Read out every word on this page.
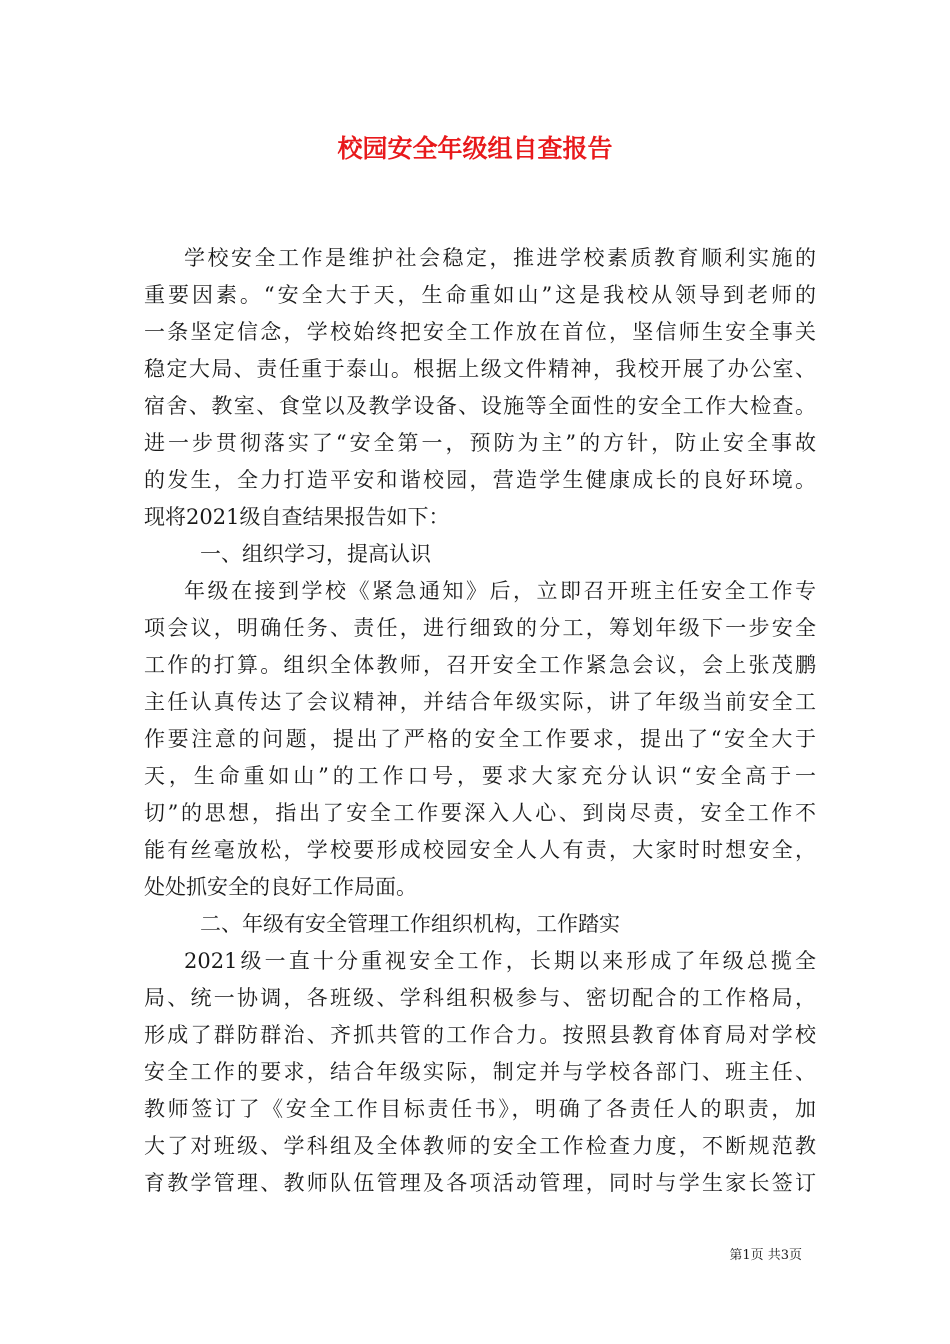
校园安全年级组自查报告
学校安全工作是维护社会稳定，推进学校素质教育顺利实施的
重要因素。“安全大于天，生命重如山”这是我校从领导到老师的
一条坚定信念，学校始终把安全工作放在首位，坚信师生安全事关
稳定大局、责任重于泰山。根据上级文件精神，我校开展了办公室、
宿舍、教室、食堂以及教学设备、设施等全面性的安全工作大检查。
进一步贯彻落实了“安全第一，预防为主”的方针，防止安全事故
的发生，全力打造平安和谐校园，营造学生健康成长的良好环境。
现将2021级自查结果报告如下：
一、组织学习，提高认识
年级在接到学校《紧急通知》后，立即召开班主任安全工作专
项会议，明确任务、责任，进行细致的分工，筹划年级下一步安全
工作的打算。组织全体教师，召开安全工作紧急会议，会上张茂鹏
主任认真传达了会议精神，并结合年级实际，讲了年级当前安全工
作要注意的问题，提出了严格的安全工作要求，提出了“安全大于
天，生命重如山”的工作口号，要求大家充分认识“安全高于一
切”的思想，指出了安全工作要深入人心、到岗尽责，安全工作不
能有丝毫放松，学校要形成校园安全人人有责，大家时时想安全，
处处抓安全的良好工作局面。
二、年级有安全管理工作组织机构，工作踏实
2021级一直十分重视安全工作，长期以来形成了年级总揽全
局、统一协调，各班级、学科组积极参与、密切配合的工作格局，
形成了群防群治、齐抓共管的工作合力。按照县教育体育局对学校
安全工作的要求，结合年级实际，制定并与学校各部门、班主任、
教师签订了《安全工作目标责任书》，明确了各责任人的职责，加
大了对班级、学科组及全体教师的安全工作检查力度，不断规范教
育教学管理、教师队伍管理及各项活动管理，同时与学生家长签订
第1页 共3页
